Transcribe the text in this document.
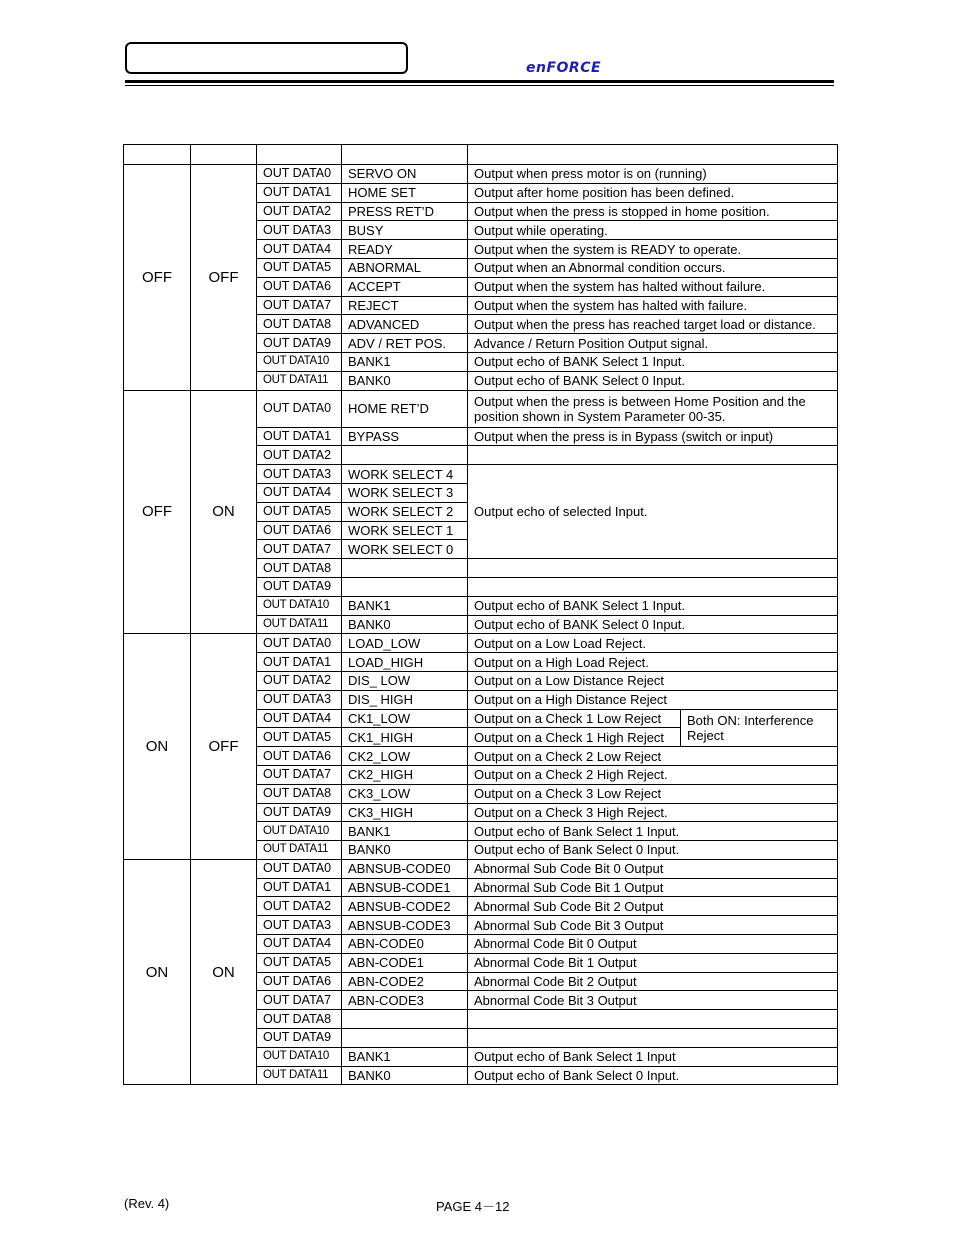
enFORCE

OFF	OFF	OUT DATA0	SERVO ON	Output when press motor is on (running)	
		OUT DATA1	HOME SET	Output after home position has been defined.	
		OUT DATA2	PRESS RET’D	Output when the press is stopped in home position.	
		OUT DATA3	BUSY	Output while operating.	
		OUT DATA4	READY	Output when the system is READY to operate.	
		OUT DATA5	ABNORMAL	Output when an Abnormal condition occurs.	
		OUT DATA6	ACCEPT	Output when the system has halted without failure.	
		OUT DATA7	REJECT	Output when the system has halted with failure.	
		OUT DATA8	ADVANCED	Output when the press has reached target load or distance.	
		OUT DATA9	ADV / RET POS.	Advance / Return Position Output signal.	
		OUT DATA10	BANK1	Output echo of BANK Select 1 Input.	
		OUT DATA11	BANK0	Output echo of BANK Select 0 Input.	
OFF	ON	OUT DATA0	HOME RET’D	Output when the press is between Home Position and the position shown in System Parameter 00-35.	
		OUT DATA1	BYPASS	Output when the press is in Bypass (switch or input)	
		OUT DATA2			
		OUT DATA3	WORK SELECT 4	Output echo of selected Input.	
		OUT DATA4	WORK SELECT 3		
		OUT DATA5	WORK SELECT 2		
		OUT DATA6	WORK SELECT 1		
		OUT DATA7	WORK SELECT 0		
		OUT DATA8			
		OUT DATA9			
		OUT DATA10	BANK1	Output echo of BANK Select 1 Input.	
		OUT DATA11	BANK0	Output echo of BANK Select 0 Input.	
ON	OFF	OUT DATA0	LOAD_LOW	Output on a Low Load Reject.	
		OUT DATA1	LOAD_HIGH	Output on a High Load Reject.	
		OUT DATA2	DIS_ LOW	Output on a Low Distance Reject	
		OUT DATA3	DIS_ HIGH	Output on a High Distance Reject	
		OUT DATA4	CK1_LOW	Output on a Check 1 Low Reject	Both ON: Interference Reject
		OUT DATA5	CK1_HIGH	Output on a Check 1 High Reject	
		OUT DATA6	CK2_LOW	Output on a Check 2 Low Reject	
		OUT DATA7	CK2_HIGH	Output on a Check 2 High Reject.	
		OUT DATA8	CK3_LOW	Output on a Check 3 Low Reject	
		OUT DATA9	CK3_HIGH	Output on a Check 3 High Reject.	
		OUT DATA10	BANK1	Output echo of Bank Select 1 Input.	
		OUT DATA11	BANK0	Output echo of Bank Select 0 Input.	
ON	ON	OUT DATA0	ABNSUB-CODE0	Abnormal Sub Code Bit 0 Output	
		OUT DATA1	ABNSUB-CODE1	Abnormal Sub Code Bit 1 Output	
		OUT DATA2	ABNSUB-CODE2	Abnormal Sub Code Bit 2 Output	
		OUT DATA3	ABNSUB-CODE3	Abnormal Sub Code Bit 3 Output	
		OUT DATA4	ABN-CODE0	Abnormal Code Bit 0 Output	
		OUT DATA5	ABN-CODE1	Abnormal Code Bit 1 Output	
		OUT DATA6	ABN-CODE2	Abnormal Code Bit 2 Output	
		OUT DATA7	ABN-CODE3	Abnormal Code Bit 3 Output	
		OUT DATA8			
		OUT DATA9			
		OUT DATA10	BANK1	Output echo of Bank Select 1 Input	
		OUT DATA11	BANK0	Output echo of Bank Select 0 Input.	
(Rev. 4)	PAGE 4－12
